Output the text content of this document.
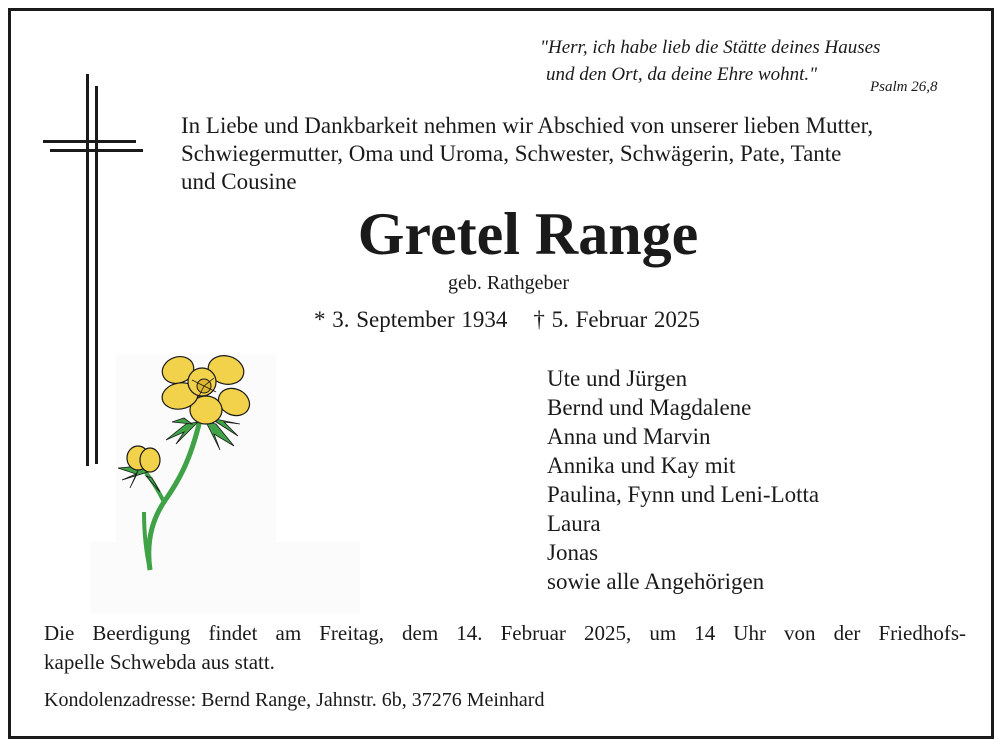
"Herr, ich habe lieb die Stätte deines Hauses
und den Ort, da deine Ehre wohnt."
Psalm 26,8
In Liebe und Dankbarkeit nehmen wir Abschied von unserer lieben Mutter,
Schwiegermutter, Oma und Uroma, Schwester, Schwägerin, Pate, Tante
und Cousine
Gretel Range
geb. Rathgeber
* 3. September 1934 † 5. Februar 2025
Ute und Jürgen
Bernd und Magdalene
Anna und Marvin
Annika und Kay mit
Paulina, Fynn und Leni-Lotta
Laura
Jonas
sowie alle Angehörigen
Die Beerdigung findet am Freitag, dem 14. Februar 2025, um 14 Uhr von der Friedhofs-
kapelle Schwebda aus statt.
Kondolenzadresse: Bernd Range, Jahnstr. 6b, 37276 Meinhard
